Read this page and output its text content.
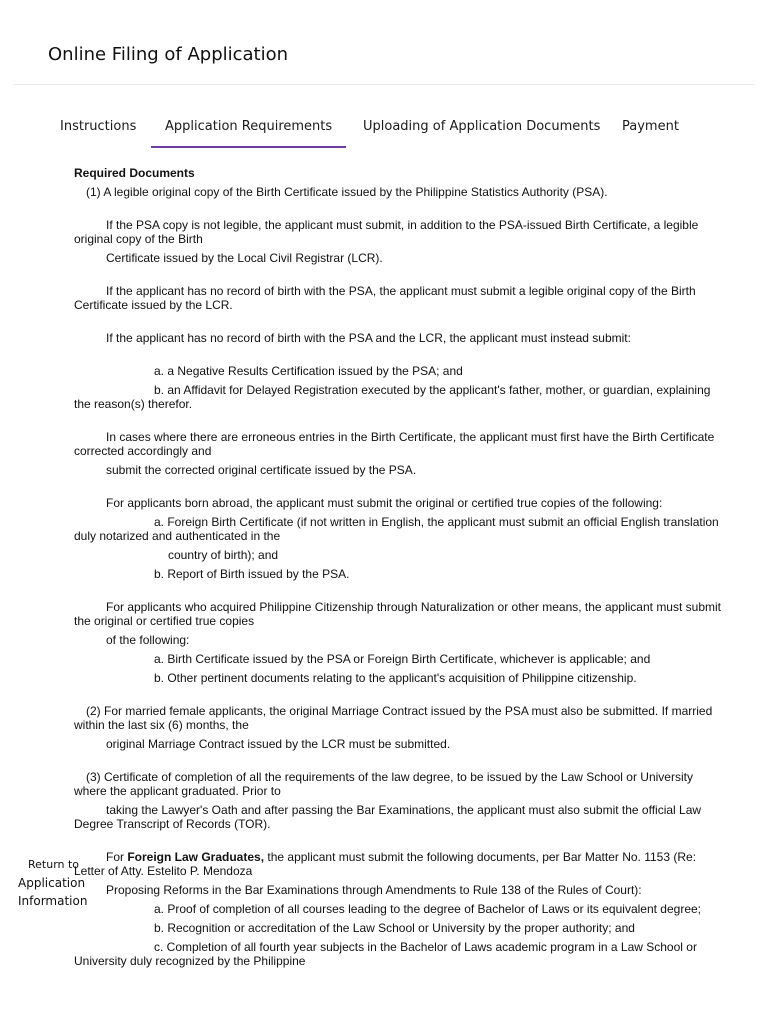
Online Filing of Application
Instructions	Application Requirements	Uploading of Application Documents Payment
Required Documents
(1) A legible original copy of the Birth Certificate issued by the Philippine Statistics Authority (PSA).
If the PSA copy is not legible, the applicant must submit, in addition to the PSA-issued Birth Certificate, a legible original copy of the Birth
Certificate issued by the Local Civil Registrar (LCR).
If the applicant has no record of birth with the PSA, the applicant must submit a legible original copy of the Birth Certificate issued by the LCR.
If the applicant has no record of birth with the PSA and the LCR, the applicant must instead submit:
a. a Negative Results Certification issued by the PSA; and
b. an Affidavit for Delayed Registration executed by the applicant's father, mother, or guardian, explaining the reason(s) therefor.
In cases where there are erroneous entries in the Birth Certificate, the applicant must first have the Birth Certificate corrected accordingly and
submit the corrected original certificate issued by the PSA.
For applicants born abroad, the applicant must submit the original or certified true copies of the following:
a. Foreign Birth Certificate (if not written in English, the applicant must submit an official English translation duly notarized and authenticated in the
country of birth); and
b. Report of Birth issued by the PSA.
For applicants who acquired Philippine Citizenship through Naturalization or other means, the applicant must submit the original or certified true copies
of the following:
a. Birth Certificate issued by the PSA or Foreign Birth Certificate, whichever is applicable; and
b. Other pertinent documents relating to the applicant's acquisition of Philippine citizenship.
(2) For married female applicants, the original Marriage Contract issued by the PSA must also be submitted. If married within the last six (6) months, the
original Marriage Contract issued by the LCR must be submitted.
(3) Certificate of completion of all the requirements of the law degree, to be issued by the Law School or University where the applicant graduated. Prior to
taking the Lawyer's Oath and after passing the Bar Examinations, the applicant must also submit the official Law Degree Transcript of Records (TOR).
For Foreign Law Graduates, the applicant must submit the following documents, per Bar Matter No. 1153 (Re: Letter of Atty. Estelito P. Mendoza
Proposing Reforms in the Bar Examinations through Amendments to Rule 138 of the Rules of Court):
a. Proof of completion of all courses leading to the degree of Bachelor of Laws or its equivalent degree;
b. Recognition or accreditation of the Law School or University by the proper authority; and
c. Completion of all fourth year subjects in the Bachelor of Laws academic program in a Law School or University duly recognized by the Philippine
Return to
Application
Information
